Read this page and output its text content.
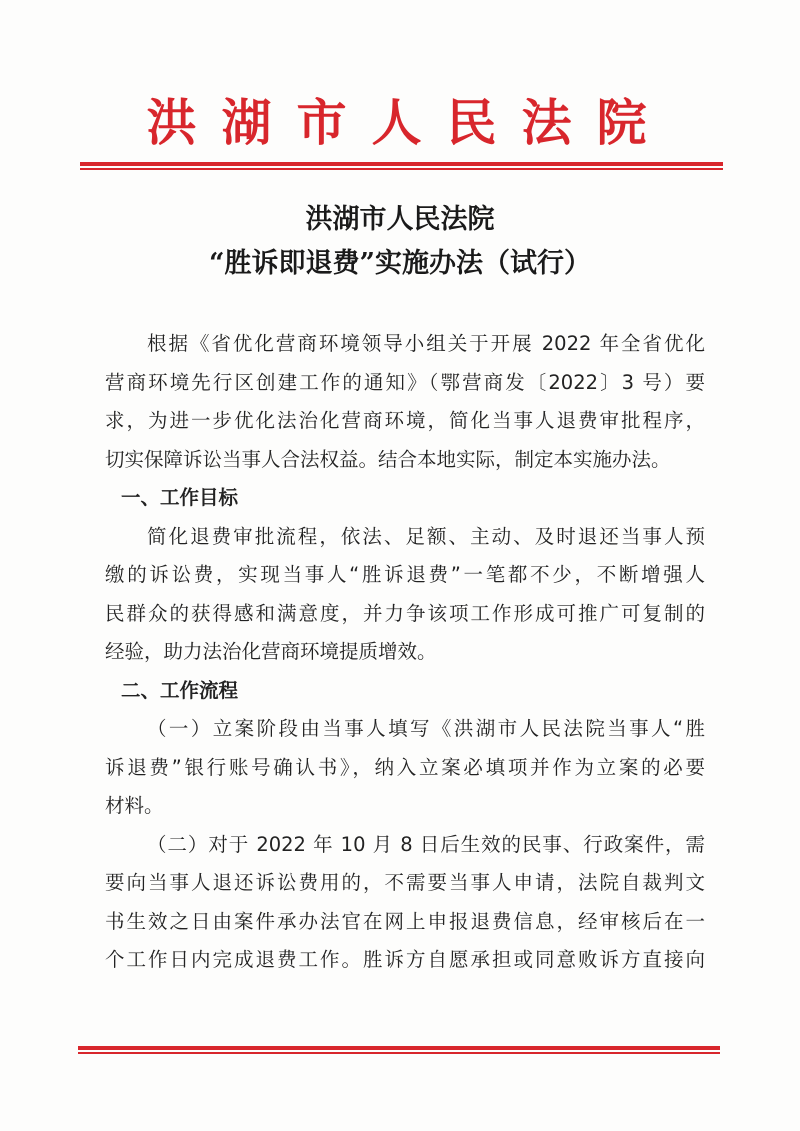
洪湖市人民法院
洪湖市人民法院
“胜诉即退费”实施办法（试行）
根据《省优化营商环境领导小组关于开展 2022 年全省优化
营商环境先行区创建工作的通知》（鄂营商发〔2022〕3 号）要
求，为进一步优化法治化营商环境，简化当事人退费审批程序，
切实保障诉讼当事人合法权益。结合本地实际，制定本实施办法。
一、工作目标
简化退费审批流程，依法、足额、主动、及时退还当事人预
缴的诉讼费，实现当事人“胜诉退费”一笔都不少，不断增强人
民群众的获得感和满意度，并力争该项工作形成可推广可复制的
经验，助力法治化营商环境提质增效。
二、工作流程
（一）立案阶段由当事人填写《洪湖市人民法院当事人“胜
诉退费”银行账号确认书》，纳入立案必填项并作为立案的必要
材料。
（二）对于 2022 年 10 月 8 日后生效的民事、行政案件，需
要向当事人退还诉讼费用的，不需要当事人申请，法院自裁判文
书生效之日由案件承办法官在网上申报退费信息，经审核后在一
个工作日内完成退费工作。胜诉方自愿承担或同意败诉方直接向
